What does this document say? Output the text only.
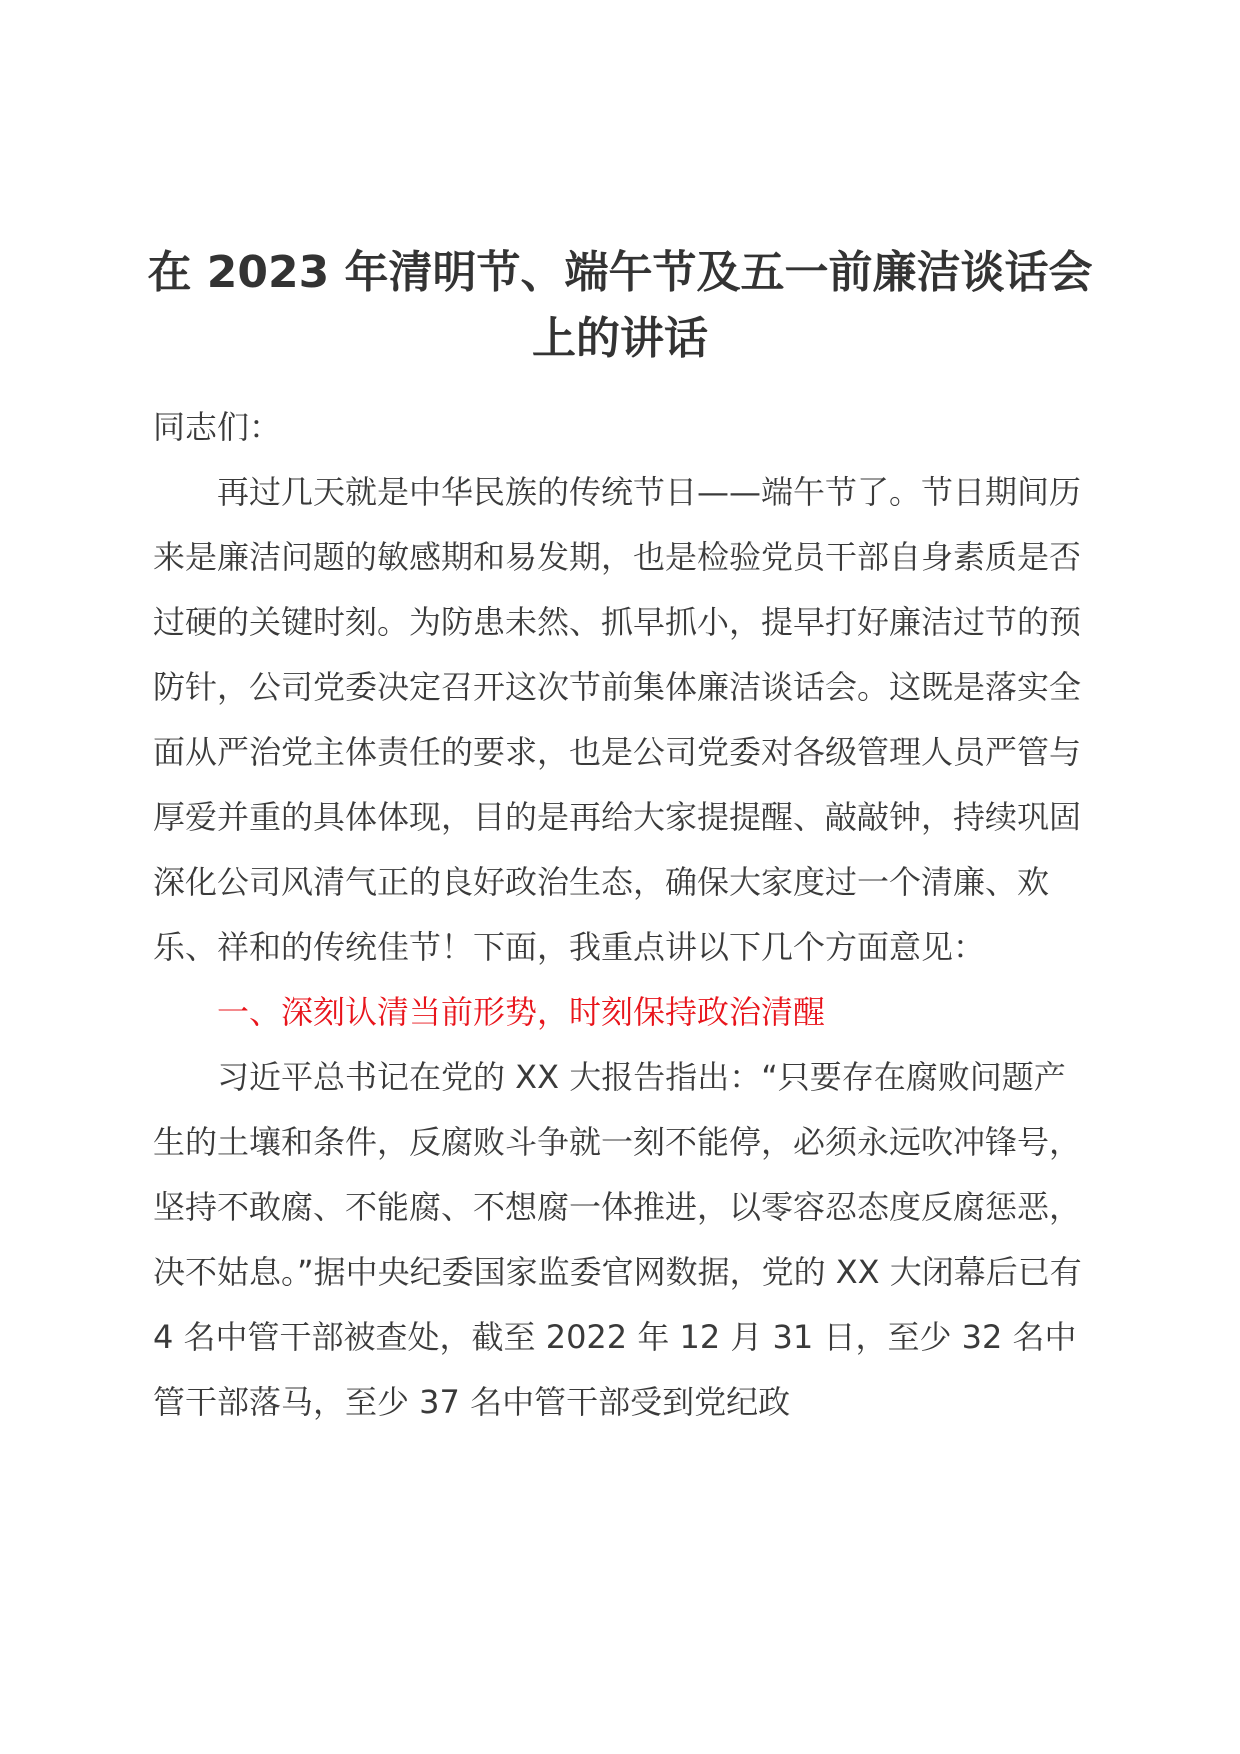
在 2023 年清明节、端午节及五一前廉洁谈话会上的讲话

同志们：

再过几天就是中华民族的传统节日——端午节了。节日期间历来是廉洁问题的敏感期和易发期，也是检验党员干部自身素质是否过硬的关键时刻。为防患未然、抓早抓小，提早打好廉洁过节的预防针，公司党委决定召开这次节前集体廉洁谈话会。这既是落实全面从严治党主体责任的要求，也是公司党委对各级管理人员严管与厚爱并重的具体体现，目的是再给大家提提醒、敲敲钟，持续巩固深化公司风清气正的良好政治生态，确保大家度过一个清廉、欢乐、祥和的传统佳节！下面，我重点讲以下几个方面意见：

一、深刻认清当前形势，时刻保持政治清醒

习近平总书记在党的 XX 大报告指出：“只要存在腐败问题产生的土壤和条件，反腐败斗争就一刻不能停，必须永远吹冲锋号，坚持不敢腐、不能腐、不想腐一体推进，以零容忍态度反腐惩恶，决不姑息。”据中央纪委国家监委官网数据，党的 XX 大闭幕后已有 4 名中管干部被查处，截至 2022 年 12 月 31 日，至少 32 名中管干部落马，至少 37 名中管干部受到党纪政
